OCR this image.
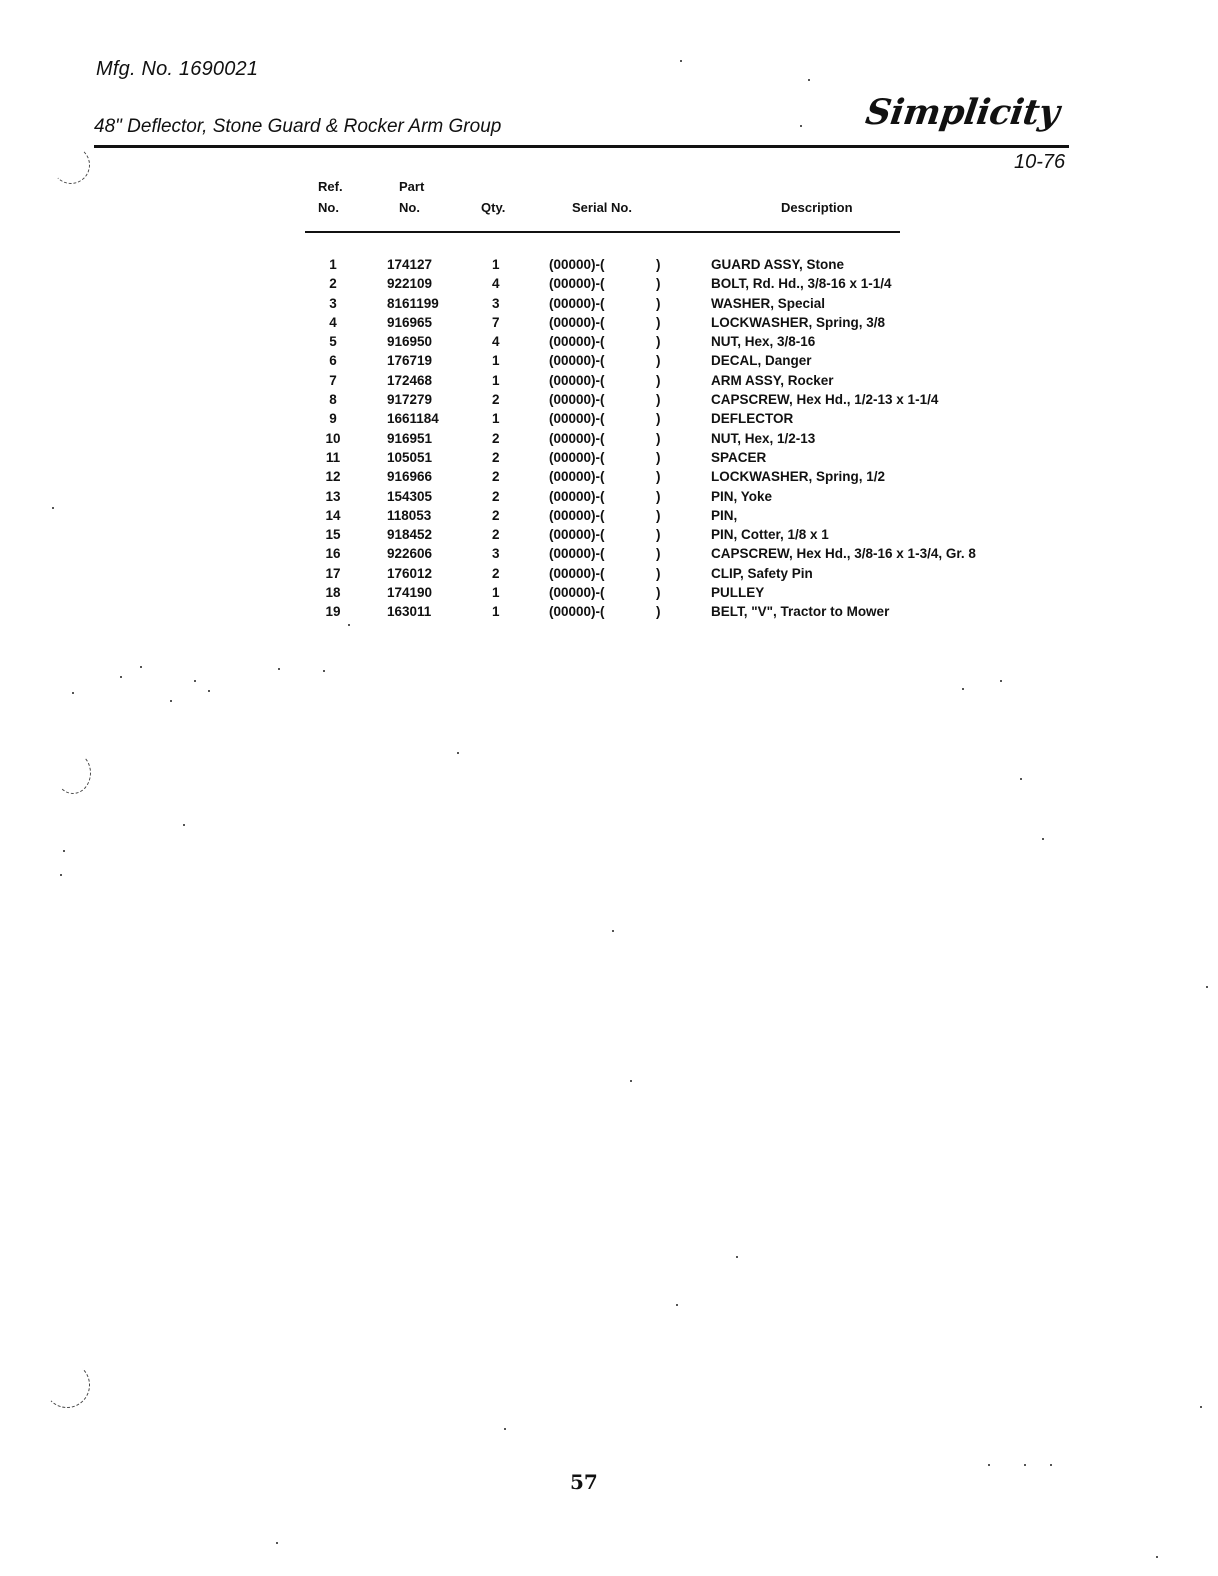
Mfg. No. 1690021
48" Deflector, Stone Guard & Rocker Arm Group	Simplicity
10-76
Ref.
No.
Part
No.	Qty.	Serial No.	Description
1	174127	1	(00000)-(	)	GUARD ASSY, Stone
2	922109	4	(00000)-(	)	BOLT, Rd. Hd., 3/8-16 x 1-1/4
3	8161199	3	(00000)-(	)	WASHER, Special
4	916965	7	(00000)-(	)	LOCKWASHER, Spring, 3/8
5	916950	4	(00000)-(	)	NUT, Hex, 3/8-16
6	176719	1	(00000)-(	)	DECAL, Danger
7	172468	1	(00000)-(	)	ARM ASSY, Rocker
8	917279	2	(00000)-(	)	CAPSCREW, Hex Hd., 1/2-13 x 1-1/4
9	1661184	1	(00000)-(	)	DEFLECTOR
10	916951	2	(00000)-(	)	NUT, Hex, 1/2-13
11	105051	2	(00000)-(	)	SPACER
12	916966	2	(00000)-(	)	LOCKWASHER, Spring, 1/2
13	154305	2	(00000)-(	)	PIN, Yoke
14	118053	2	(00000)-(	)	PIN,
15	918452	2	(00000)-(	)	PIN, Cotter, 1/8 x 1
16	922606	3	(00000)-(	)	CAPSCREW, Hex Hd., 3/8-16 x 1-3/4, Gr. 8
17	176012	2	(00000)-(	)	CLIP, Safety Pin
18	174190	1	(00000)-(	)	PULLEY
19	163011	1	(00000)-(	)	BELT, "V", Tractor to Mower
57
